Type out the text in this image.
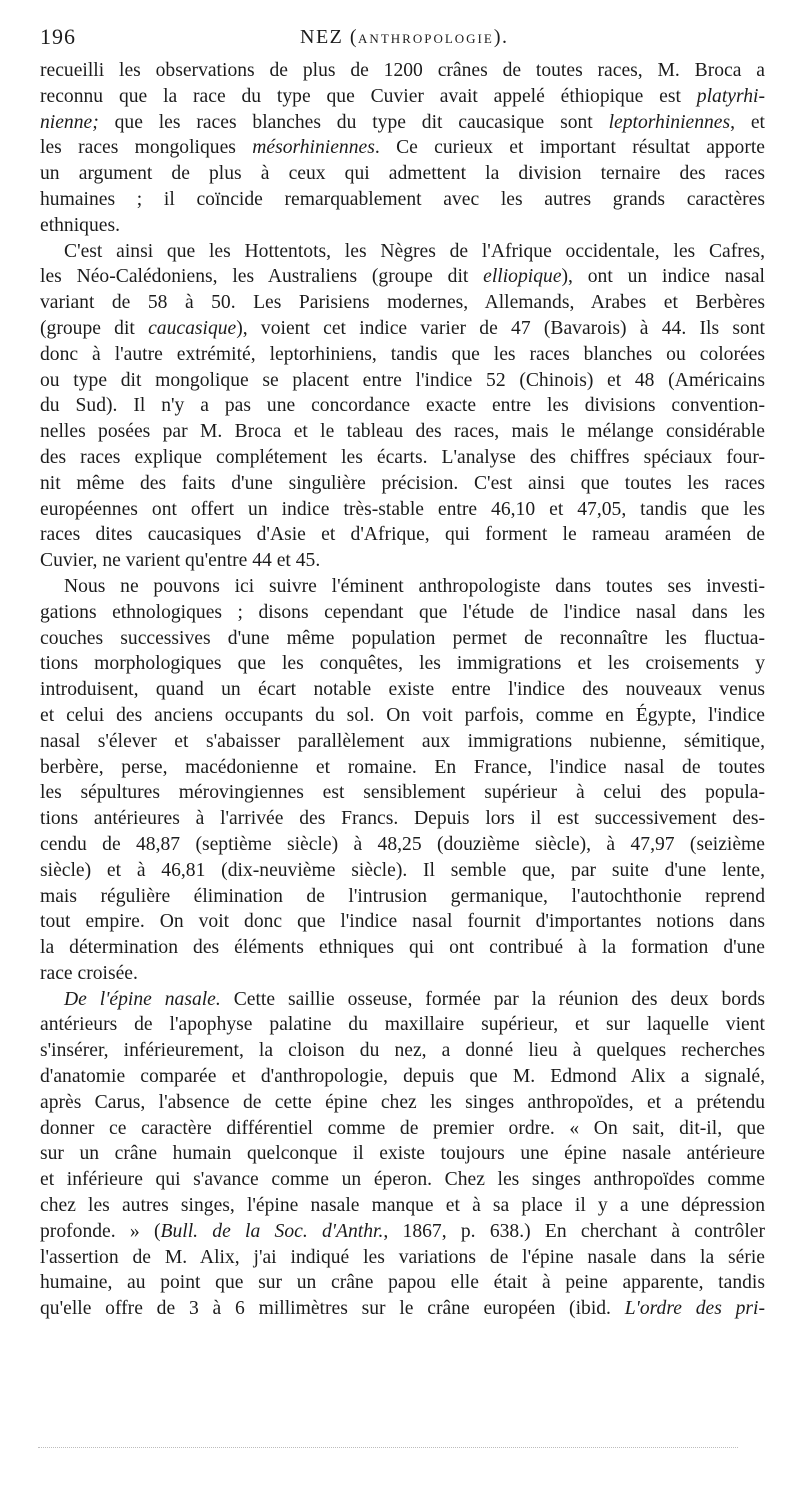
196	NEZ (ANTHROPOLOGIE).
recueilli les observations de plus de 1200 crânes de toutes races, M. Broca a
reconnu que la race du type que Cuvier avait appelé éthiopique est platyrhi-
nienne; que les races blanches du type dit caucasique sont leptorhiniennes, et
les races mongoliques mésorhiniennes. Ce curieux et important résultat apporte
un argument de plus à ceux qui admettent la division ternaire des races
humaines ; il coïncide remarquablement avec les autres grands caractères
ethniques.
C'est ainsi que les Hottentots, les Nègres de l'Afrique occidentale, les Cafres,
les Néo-Calédoniens, les Australiens (groupe dit elliopique), ont un indice nasal
variant de 58 à 50. Les Parisiens modernes, Allemands, Arabes et Berbères
(groupe dit caucasique), voient cet indice varier de 47 (Bavarois) à 44. Ils sont
donc à l'autre extrémité, leptorhiniens, tandis que les races blanches ou colorées
ou type dit mongolique se placent entre l'indice 52 (Chinois) et 48 (Américains
du Sud). Il n'y a pas une concordance exacte entre les divisions convention-
nelles posées par M. Broca et le tableau des races, mais le mélange considérable
des races explique complétement les écarts. L'analyse des chiffres spéciaux four-
nit même des faits d'une singulière précision. C'est ainsi que toutes les races
européennes ont offert un indice très-stable entre 46,10 et 47,05, tandis que les
races dites caucasiques d'Asie et d'Afrique, qui forment le rameau araméen de
Cuvier, ne varient qu'entre 44 et 45.
Nous ne pouvons ici suivre l'éminent anthropologiste dans toutes ses investi-
gations ethnologiques ; disons cependant que l'étude de l'indice nasal dans les
couches successives d'une même population permet de reconnaître les fluctua-
tions morphologiques que les conquêtes, les immigrations et les croisements y
introduisent, quand un écart notable existe entre l'indice des nouveaux venus
et celui des anciens occupants du sol. On voit parfois, comme en Égypte, l'indice
nasal s'élever et s'abaisser parallèlement aux immigrations nubienne, sémitique,
berbère, perse, macédonienne et romaine. En France, l'indice nasal de toutes
les sépultures mérovingiennes est sensiblement supérieur à celui des popula-
tions antérieures à l'arrivée des Francs. Depuis lors il est successivement des-
cendu de 48,87 (septième siècle) à 48,25 (douzième siècle), à 47,97 (seizième
siècle) et à 46,81 (dix-neuvième siècle). Il semble que, par suite d'une lente,
mais régulière élimination de l'intrusion germanique, l'autochthonie reprend
tout empire. On voit donc que l'indice nasal fournit d'importantes notions dans
la détermination des éléments ethniques qui ont contribué à la formation d'une
race croisée.
De l'épine nasale. Cette saillie osseuse, formée par la réunion des deux bords
antérieurs de l'apophyse palatine du maxillaire supérieur, et sur laquelle vient
s'insérer, inférieurement, la cloison du nez, a donné lieu à quelques recherches
d'anatomie comparée et d'anthropologie, depuis que M. Edmond Alix a signalé,
après Carus, l'absence de cette épine chez les singes anthropoïdes, et a prétendu
donner ce caractère différentiel comme de premier ordre. « On sait, dit-il, que
sur un crâne humain quelconque il existe toujours une épine nasale antérieure
et inférieure qui s'avance comme un éperon. Chez les singes anthropoïdes comme
chez les autres singes, l'épine nasale manque et à sa place il y a une dépression
profonde. » (Bull. de la Soc. d'Anthr., 1867, p. 638.) En cherchant à contrôler
l'assertion de M. Alix, j'ai indiqué les variations de l'épine nasale dans la série
humaine, au point que sur un crâne papou elle était à peine apparente, tandis
qu'elle offre de 3 à 6 millimètres sur le crâne européen (ibid. L'ordre des pri-
